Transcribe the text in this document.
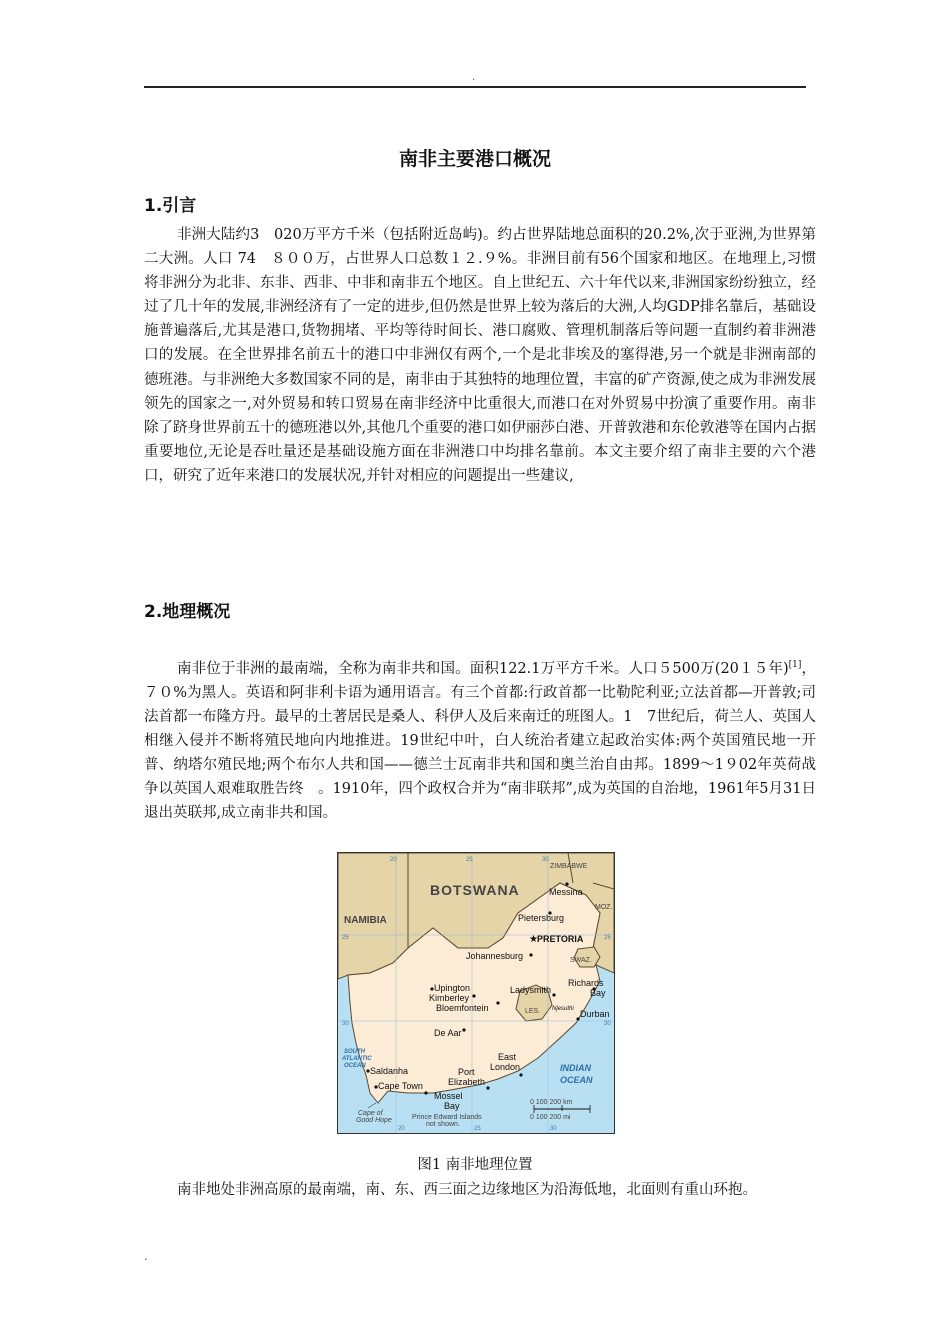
.
南非主要港口概况
1.引言

非洲大陆约3　020万平方千米（包括附近岛屿)。约占世界陆地总面积的20.2%,次于亚洲,为世界第二大洲。人口 74　８００万，占世界人口总数１２.９%。非洲目前有56个国家和地区。在地理上,习惯将非洲分为北非、东非、西非、中非和南非五个地区。自上世纪五、六十年代以来,非洲国家纷纷独立，经过了几十年的发展,非洲经济有了一定的进步,但仍然是世界上较为落后的大洲,人均GDP排名靠后，基础设施普遍落后,尤其是港口,货物拥堵、平均等待时间长、港口腐败、管理机制落后等问题一直制约着非洲港口的发展。在全世界排名前五十的港口中非洲仅有两个,一个是北非埃及的塞得港,另一个就是非洲南部的德班港。与非洲绝大多数国家不同的是，南非由于其独特的地理位置，丰富的矿产资源,使之成为非洲发展领先的国家之一,对外贸易和转口贸易在南非经济中比重很大,而港口在对外贸易中扮演了重要作用。南非除了跻身世界前五十的德班港以外,其他几个重要的港口如伊丽莎白港、开普敦港和东伦敦港等在国内占据重要地位,无论是吞吐量还是基础设施方面在非洲港口中均排名靠前。本文主要介绍了南非主要的六个港口，研究了近年来港口的发展状况,并针对相应的问题提出一些建议,

2.地理概况

南非位于非洲的最南端，全称为南非共和国。面积122.1万平方千米。人口５500万(20１５年)[1]，７０%为黑人。英语和阿非利卡语为通用语言。有三个首都:行政首都一比勒陀利亚;立法首都—开普敦;司法首都一布隆方丹。最早的土著居民是桑人、科伊人及后来南迁的班图人。1　7世纪后，荷兰人、英国人相继入侵并不断将殖民地向内地推进。19世纪中叶，白人统治者建立起政治实体:两个英国殖民地一开普、纳塔尔殖民地;两个布尔人共和国——德兰士瓦南非共和国和奥兰治自由邦。1899～1９02年英荷战争以英国人艰难取胜告终　。1910年，四个政权合并为“南非联邦”,成为英国的自治地，1961年5月31日退出英联邦,成立南非共和国。

BOTSWANA
NAMIBIA
ZIMBABWE
MOZ.
SWAZ.
LES.
Messina
Pietersburg
★ PRETORIA
Johannesburg
Upington
Kimberley
Bloemfontein
Ladysmith
Richards
Bay
Njesuthi Durban
De Aar
East
London
Port
Elizabeth
Mossel
Bay
Saldanha
Cape Town
Cape of
Good Hope
SOUTH
ATLANTIC
OCEAN	INDIAN
OCEAN
0 100 200 km
0 100 200 mi
Prince Edward Islands
not shown.
20	25	30
25
30
25
30
20	25	30
图1 南非地理位置
南非地处非洲高原的最南端，南、东、西三面之边缘地区为沿海低地，北面则有重山环抱。
.
